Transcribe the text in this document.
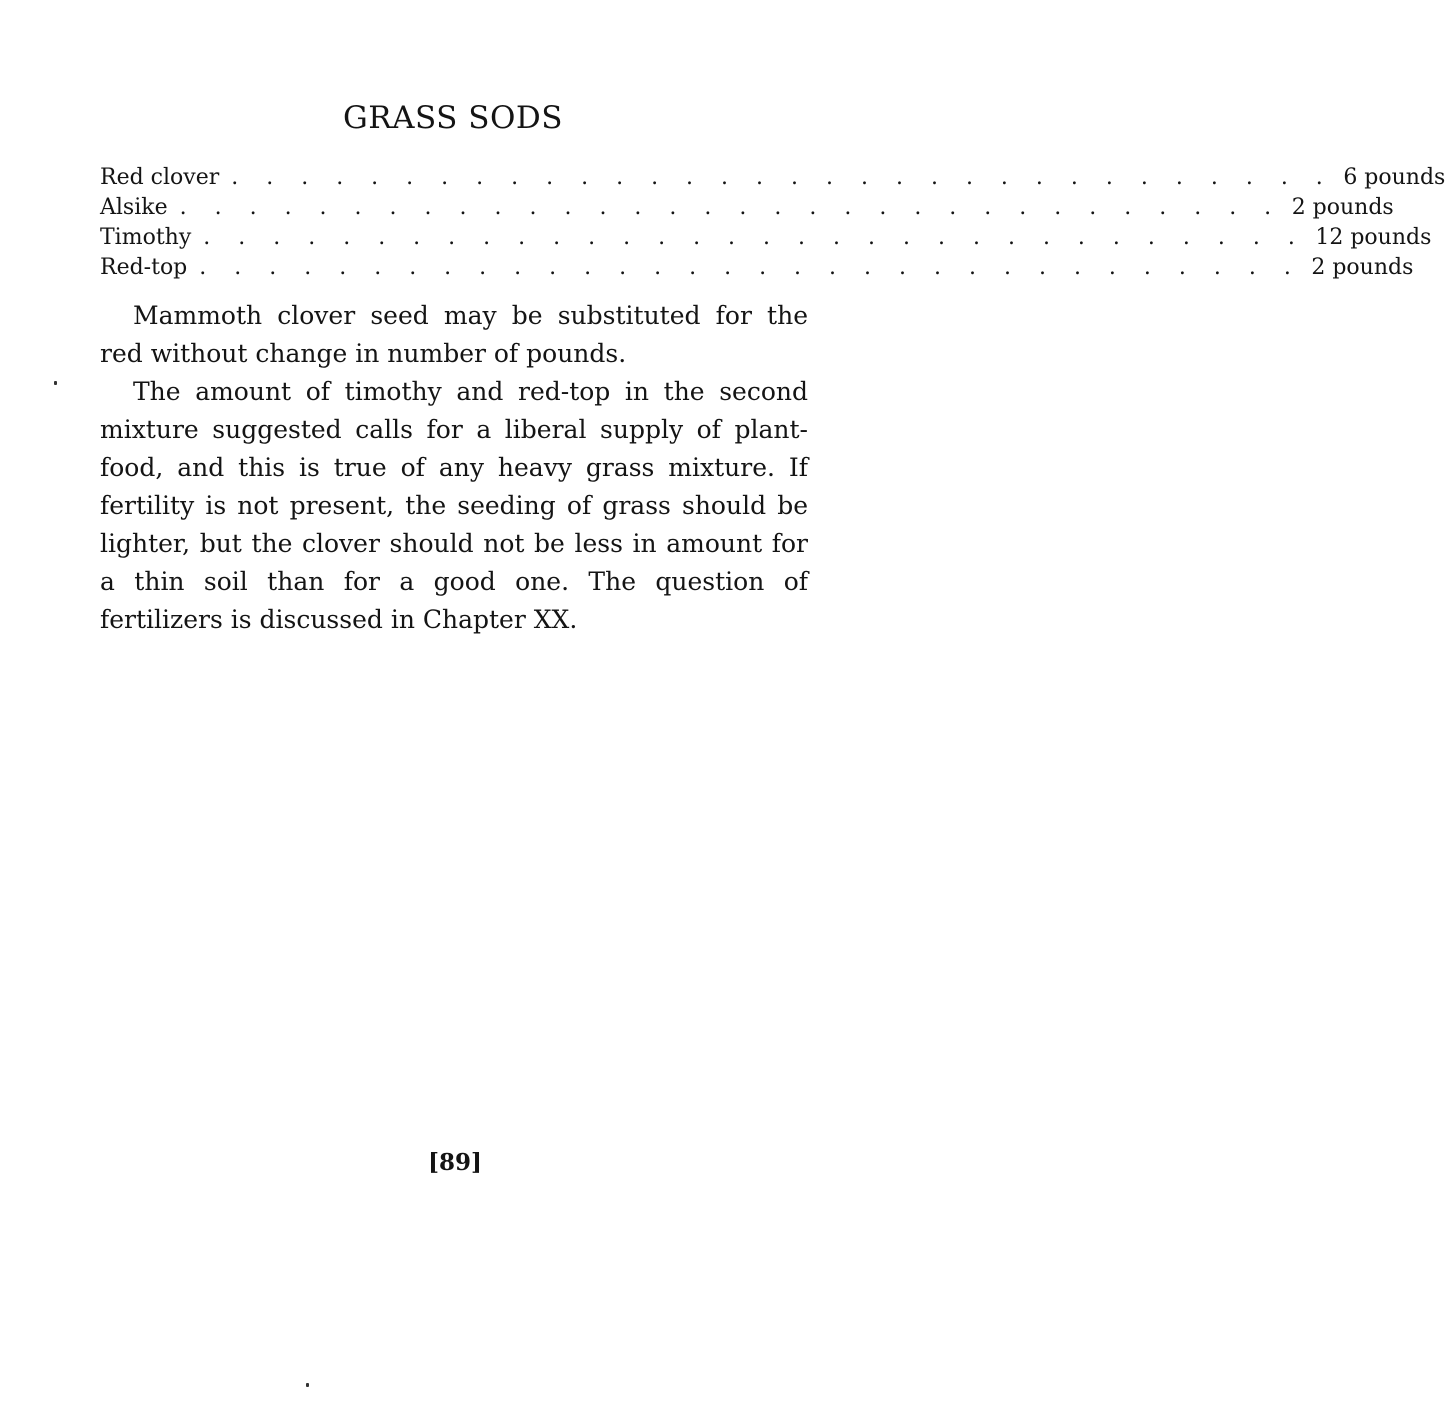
GRASS SODS
Red clover . . . . . . . . . . . . . . . . . . . . . . . . . . . . . . . . 6 pounds
Alsike . . . . . . . . . . . . . . . . . . . . . . . . . . . . . . . . 2 pounds
Timothy . . . . . . . . . . . . . . . . . . . . . . . . . . . . . . . . 12 pounds
Red-top . . . . . . . . . . . . . . . . . . . . . . . . . . . . . . . . 2 pounds

Mammoth clover seed may be substituted for the red without change in number of pounds.

The amount of timothy and red-top in the second mixture suggested calls for a liberal supply of plant-food, and this is true of any heavy grass mixture. If fertility is not present, the seeding of grass should be lighter, but the clover should not be less in amount for a thin soil than for a good one. The question of fertilizers is discussed in Chapter XX.

[89]
